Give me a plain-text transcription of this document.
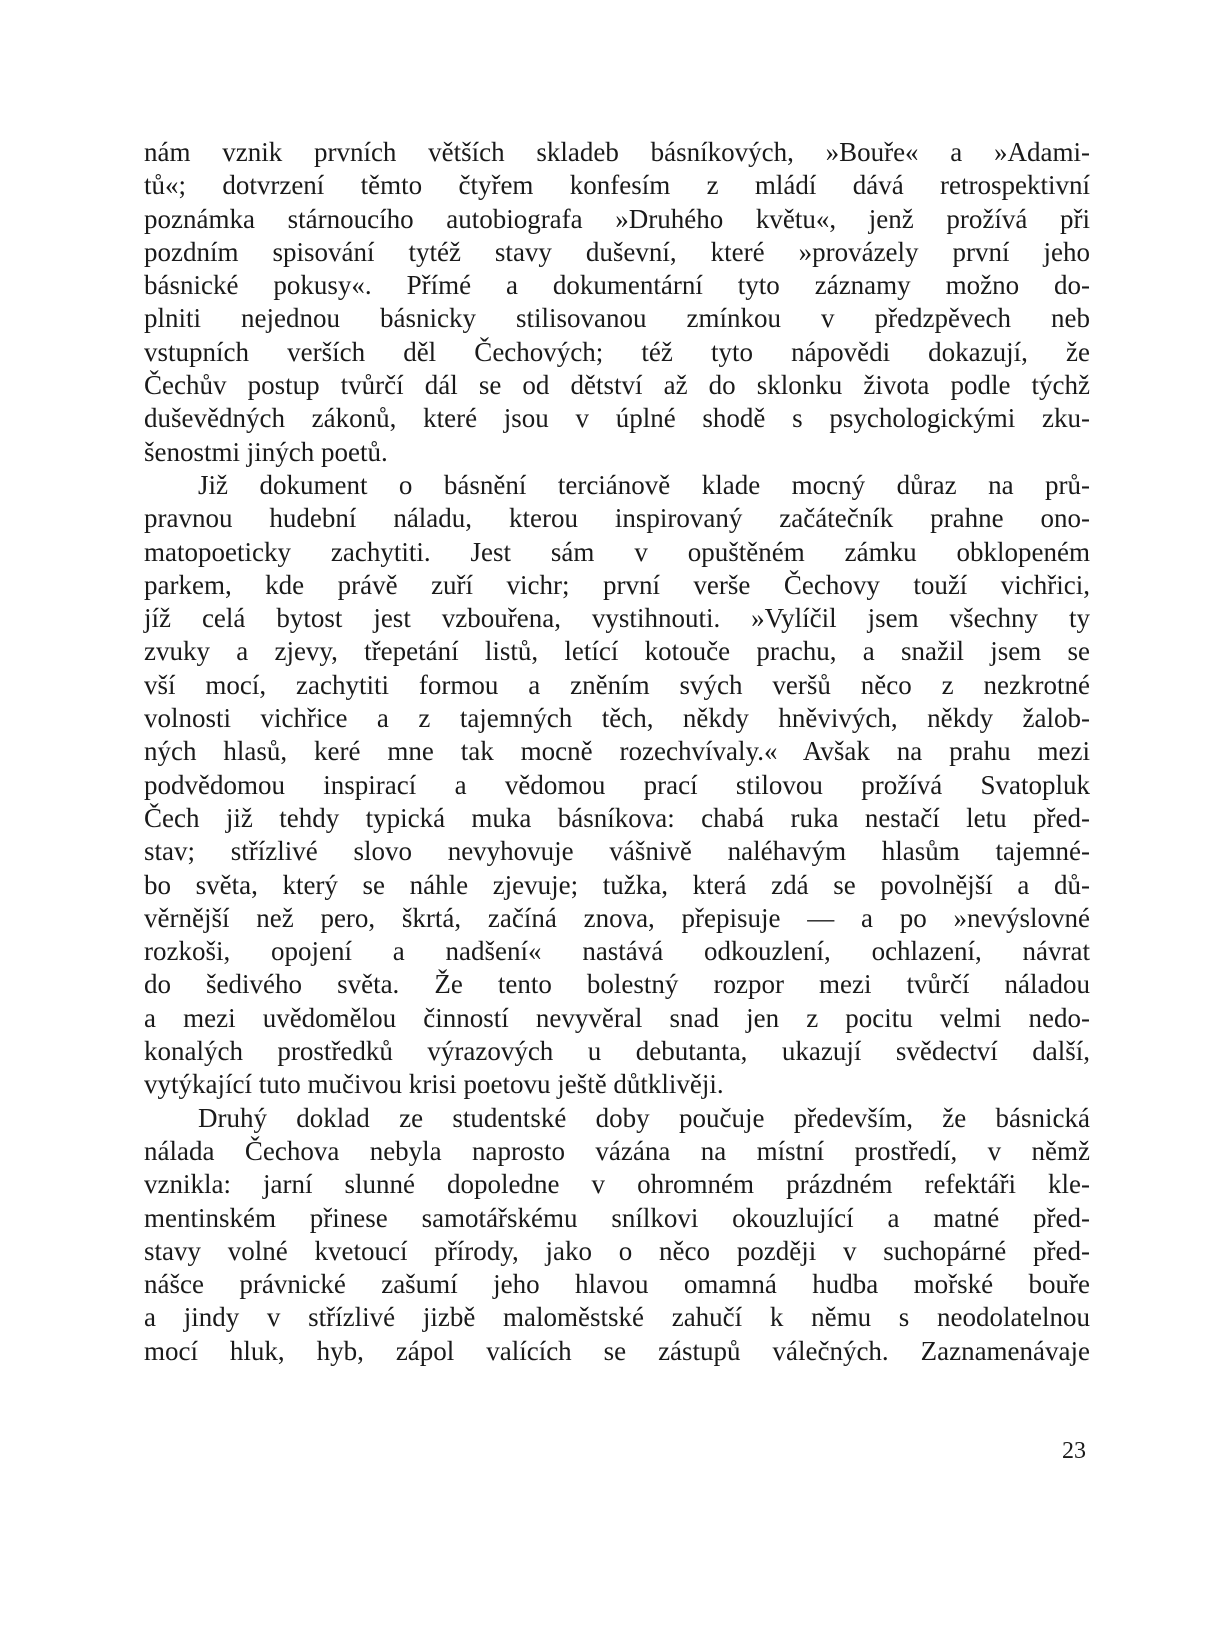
nám vznik prvních větších skladeb básníkových, »Bouře« a »Adami-
tů«; dotvrzení těmto čtyřem konfesím z mládí dává retrospektivní
poznámka stárnoucího autobiografa »Druhého květu«, jenž prožívá při
pozdním spisování tytéž stavy duševní, které »provázely první jeho
básnické pokusy«. Přímé a dokumentární tyto záznamy možno do-
plniti nejednou básnicky stilisovanou zmínkou v předzpěvech neb
vstupních verších děl Čechových; též tyto nápovědi dokazují, že
Čechův postup tvůrčí dál se od dětství až do sklonku života podle týchž
duševědných zákonů, které jsou v úplné shodě s psychologickými zku-
šenostmi jiných poetů.
Již dokument o básnění terciánově klade mocný důraz na prů-
pravnou hudební náladu, kterou inspirovaný začátečník prahne ono-
matopoeticky zachytiti. Jest sám v opuštěném zámku obklopeném
parkem, kde právě zuří vichr; první verše Čechovy touží vichřici,
jíž celá bytost jest vzbouřena, vystihnouti. »Vylíčil jsem všechny ty
zvuky a zjevy, třepetání listů, letící kotouče prachu, a snažil jsem se
vší mocí, zachytiti formou a zněním svých veršů něco z nezkrotné
volnosti vichřice a z tajemných těch, někdy hněvivých, někdy žalob-
ných hlasů, keré mne tak mocně rozechvívaly.« Avšak na prahu mezi
podvědomou inspirací a vědomou prací stilovou prožívá Svatopluk
Čech již tehdy typická muka básníkova: chabá ruka nestačí letu před-
stav; střízlivé slovo nevyhovuje vášnivě naléhavým hlasům tajemné-
bo světa, který se náhle zjevuje; tužka, která zdá se povolnější a dů-
věrnější než pero, škrtá, začíná znova, přepisuje — a po »nevýslovné
rozkoši, opojení a nadšení« nastává odkouzlení, ochlazení, návrat
do šedivého světa. Že tento bolestný rozpor mezi tvůrčí náladou
a mezi uvědomělou činností nevyvěral snad jen z pocitu velmi nedo-
konalých prostředků výrazových u debutanta, ukazují svědectví další,
vytýkající tuto mučivou krisi poetovu ještě důtklivěji.
Druhý doklad ze studentské doby poučuje především, že básnická
nálada Čechova nebyla naprosto vázána na místní prostředí, v němž
vznikla: jarní slunné dopoledne v ohromném prázdném refektáři kle-
mentinském přinese samotářskému snílkovi okouzlující a matné před-
stavy volné kvetoucí přírody, jako o něco později v suchopárné před-
nášce právnické zašumí jeho hlavou omamná hudba mořské bouře
a jindy v střízlivé jizbě maloměstské zahučí k němu s neodolatelnou
mocí hluk, hyb, zápol valících se zástupů válečných. Zaznamenávaje
23
